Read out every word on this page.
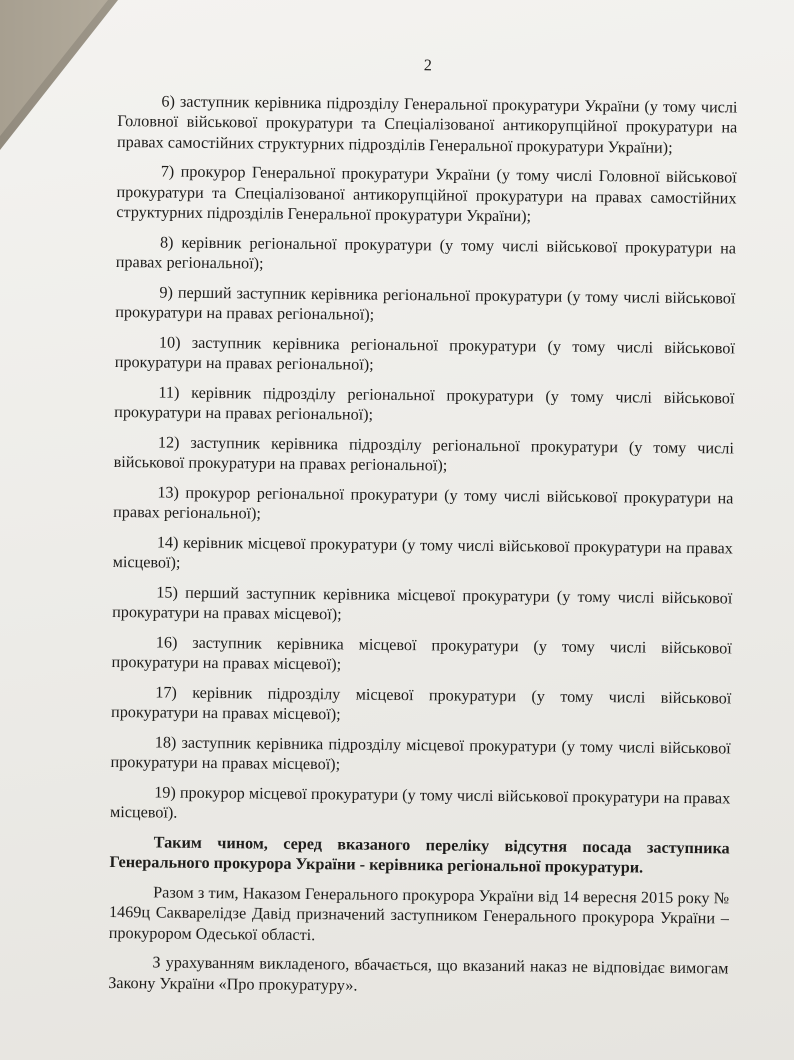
2

6) заступник керівника підрозділу Генеральної прокуратури України (у тому числі Головної військової прокуратури та Спеціалізованої антикорупційної прокуратури на правах самостійних структурних підрозділів Генеральної прокуратури України);

7) прокурор Генеральної прокуратури України (у тому числі Головної військової прокуратури та Спеціалізованої антикорупційної прокуратури на правах самостійних структурних підрозділів Генеральної прокуратури України);

8) керівник регіональної прокуратури (у тому числі військової прокуратури на правах регіональної);

9) перший заступник керівника регіональної прокуратури (у тому числі військової прокуратури на правах регіональної);

10) заступник керівника регіональної прокуратури (у тому числі військової прокуратури на правах регіональної);

11) керівник підрозділу регіональної прокуратури (у тому числі військової прокуратури на правах регіональної);

12) заступник керівника підрозділу регіональної прокуратури (у тому числі військової прокуратури на правах регіональної);

13) прокурор регіональної прокуратури (у тому числі військової прокуратури на правах регіональної);

14) керівник місцевої прокуратури (у тому числі військової прокуратури на правах місцевої);

15) перший заступник керівника місцевої прокуратури (у тому числі військової прокуратури на правах місцевої);

16) заступник керівника місцевої прокуратури (у тому числі військової прокуратури на правах місцевої);

17) керівник підрозділу місцевої прокуратури (у тому числі військової прокуратури на правах місцевої);

18) заступник керівника підрозділу місцевої прокуратури (у тому числі військової прокуратури на правах місцевої);

19) прокурор місцевої прокуратури (у тому числі військової прокуратури на правах місцевої).

Таким чином, серед вказаного переліку відсутня посада заступника Генерального прокурора України - керівника регіональної прокуратури.

Разом з тим, Наказом Генерального прокурора України від 14 вересня 2015 року № 1469ц Сакварелідзе Давід призначений заступником Генерального прокурора України – прокурором Одеської області.

З урахуванням викладеного, вбачається, що вказаний наказ не відповідає вимогам Закону України «Про прокуратуру».
